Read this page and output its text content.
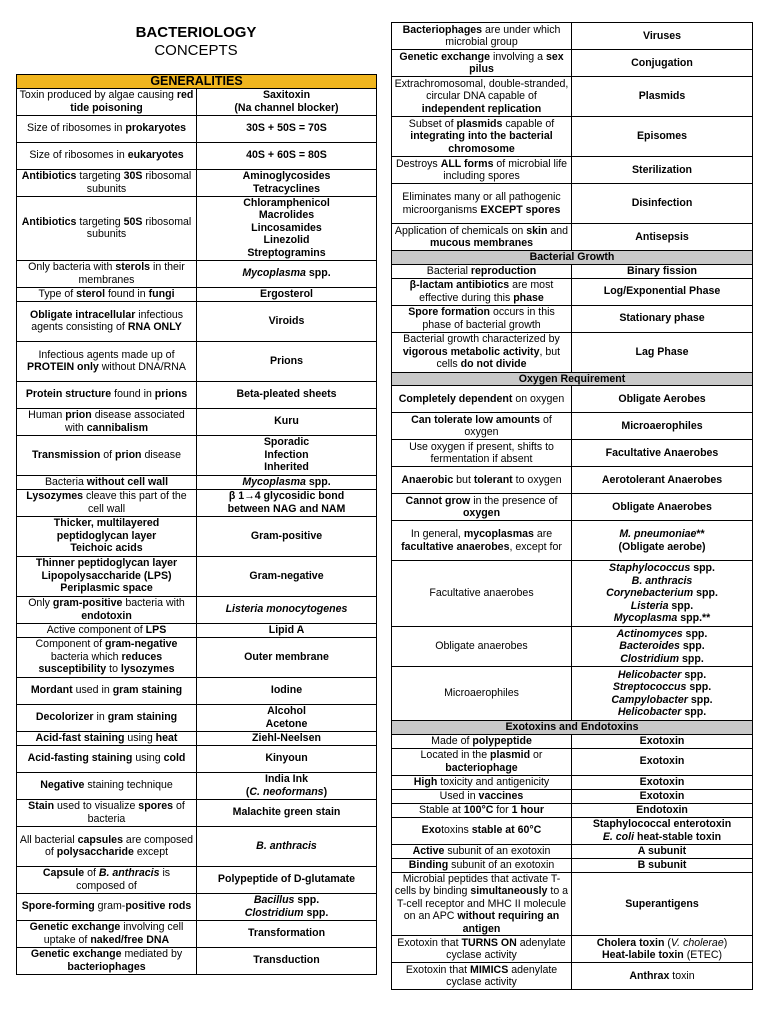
BACTERIOLOGY
CONCEPTS
GENERALITIES	
Toxin produced by algae causing red tide poisoning	Saxitoxin
(Na channel blocker)
Size of ribosomes in prokaryotes	30S + 50S = 70S
Size of ribosomes in eukaryotes	40S + 60S = 80S
Antibiotics targeting 30S ribosomal subunits	Aminoglycosides
Tetracyclines
Antibiotics targeting 50S ribosomal subunits	Chloramphenicol
Macrolides
Lincosamides
Linezolid
Streptogramins
Only bacteria with sterols in their membranes	Mycoplasma spp.
Type of sterol found in fungi	Ergosterol
Obligate intracellular infectious agents consisting of RNA ONLY	Viroids
Infectious agents made up of PROTEIN only without DNA/RNA	Prions
Protein structure found in prions	Beta-pleated sheets
Human prion disease associated with cannibalism	Kuru
Transmission of prion disease	Sporadic
Infection
Inherited
Bacteria without cell wall	Mycoplasma spp.
Lysozymes cleave this part of the cell wall	β 1→4 glycosidic bond
between NAG and NAM
Thicker, multilayered peptidoglycan layer
Teichoic acids	Gram-positive
Thinner peptidoglycan layer
Lipopolysaccharide (LPS)
Periplasmic space	Gram-negative
Only gram-positive bacteria with endotoxin	Listeria monocytogenes
Active component of LPS	Lipid A
Component of gram-negative bacteria which reduces susceptibility to lysozymes	Outer membrane
Mordant used in gram staining	Iodine
Decolorizer in gram staining	Alcohol
Acetone
Acid-fast staining using heat	Ziehl-Neelsen
Acid-fasting staining using cold	Kinyoun
Negative staining technique	India Ink
(C. neoformans)
Stain used to visualize spores of bacteria	Malachite green stain
All bacterial capsules are composed of polysaccharide except	B. anthracis
Capsule of B. anthracis is composed of	Polypeptide of D-glutamate
Spore-forming gram-positive rods	Bacillus spp.
Clostridium spp.
Genetic exchange involving cell uptake of naked/free DNA	Transformation
Genetic exchange mediated by bacteriophages	Transduction
Bacteriophages are under which microbial group	Viruses
Genetic exchange involving a sex pilus	Conjugation
Extrachromosomal, double-stranded, circular DNA capable of independent replication	Plasmids
Subset of plasmids capable of integrating into the bacterial chromosome	Episomes
Destroys ALL forms of microbial life including spores	Sterilization
Eliminates many or all pathogenic microorganisms EXCEPT spores	Disinfection
Application of chemicals on skin and mucous membranes	Antisepsis
Bacterial Growth	
Bacterial reproduction	Binary fission
β-lactam antibiotics are most effective during this phase	Log/Exponential Phase
Spore formation occurs in this phase of bacterial growth	Stationary phase
Bacterial growth characterized by vigorous metabolic activity, but cells do not divide	Lag Phase
Oxygen Requirement	
Completely dependent on oxygen	Obligate Aerobes
Can tolerate low amounts of oxygen	Microaerophiles
Use oxygen if present, shifts to fermentation if absent	Facultative Anaerobes
Anaerobic but tolerant to oxygen	Aerotolerant Anaerobes
Cannot grow in the presence of oxygen	Obligate Anaerobes
In general, mycoplasmas are facultative anaerobes, except for	M. pneumoniae**
(Obligate aerobe)
Facultative anaerobes	Staphylococcus spp.
B. anthracis
Corynebacterium spp.
Listeria spp.
Mycoplasma spp.**
Obligate anaerobes	Actinomyces spp.
Bacteroides spp.
Clostridium spp.
Microaerophiles	Helicobacter spp.
Streptococcus spp.
Campylobacter spp.
Helicobacter spp.
Exotoxins and Endotoxins	
Made of polypeptide	Exotoxin
Located in the plasmid or bacteriophage	Exotoxin
High toxicity and antigenicity	Exotoxin
Used in vaccines	Exotoxin
Stable at 100°C for 1 hour	Endotoxin
Exotoxins stable at 60°C	Staphylococcal enterotoxin
E. coli heat-stable toxin
Active subunit of an exotoxin	A subunit
Binding subunit of an exotoxin	B subunit
Microbial peptides that activate T-cells by binding simultaneously to a T-cell receptor and MHC II molecule on an APC without requiring an antigen	Superantigens
Exotoxin that TURNS ON adenylate cyclase activity	Cholera toxin (V. cholerae)
Heat-labile toxin (ETEC)
Exotoxin that MIMICS adenylate cyclase activity	Anthrax toxin
